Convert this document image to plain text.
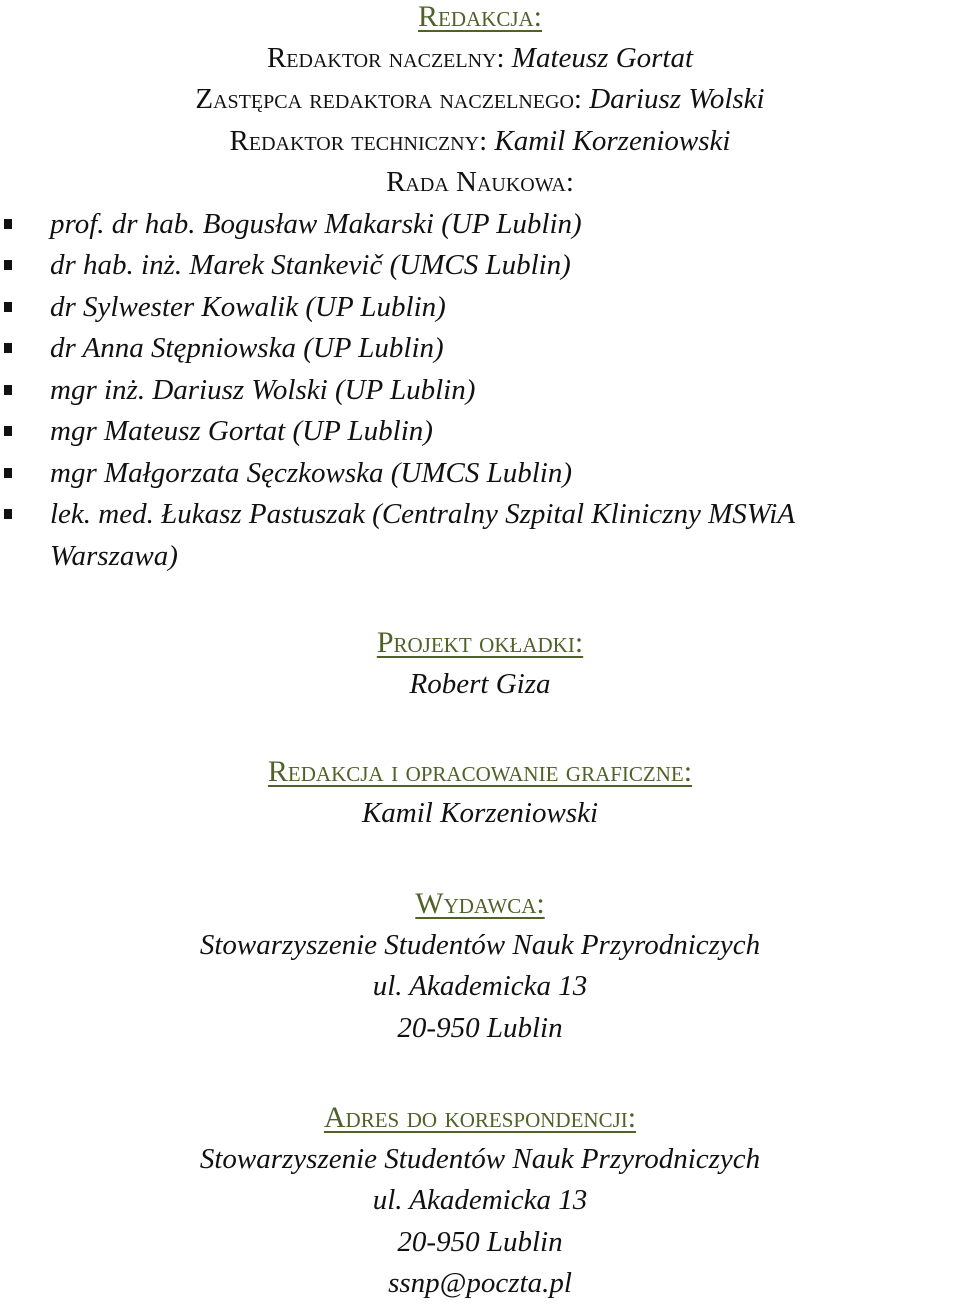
Redakcja:
Redaktor naczelny: Mateusz Gortat
Zastępca redaktora naczelnego: Dariusz Wolski
Redaktor techniczny: Kamil Korzeniowski
Rada Naukowa:
prof. dr hab. Bogusław Makarski (UP Lublin)
dr hab. inż. Marek Stankevič (UMCS Lublin)
dr Sylwester Kowalik (UP Lublin)
dr Anna Stępniowska (UP Lublin)
mgr inż. Dariusz Wolski (UP Lublin)
mgr Mateusz Gortat (UP Lublin)
mgr Małgorzata Sęczkowska (UMCS Lublin)
lek. med. Łukasz Pastuszak (Centralny Szpital Kliniczny MSWiA
Warszawa)
Projekt okładki:
Robert Giza
Redakcja i opracowanie graficzne:
Kamil Korzeniowski
Wydawca:
Stowarzyszenie Studentów Nauk Przyrodniczych
ul. Akademicka 13
20-950 Lublin
Adres do korespondencji:
Stowarzyszenie Studentów Nauk Przyrodniczych
ul. Akademicka 13
20-950 Lublin
ssnp@poczta.pl
